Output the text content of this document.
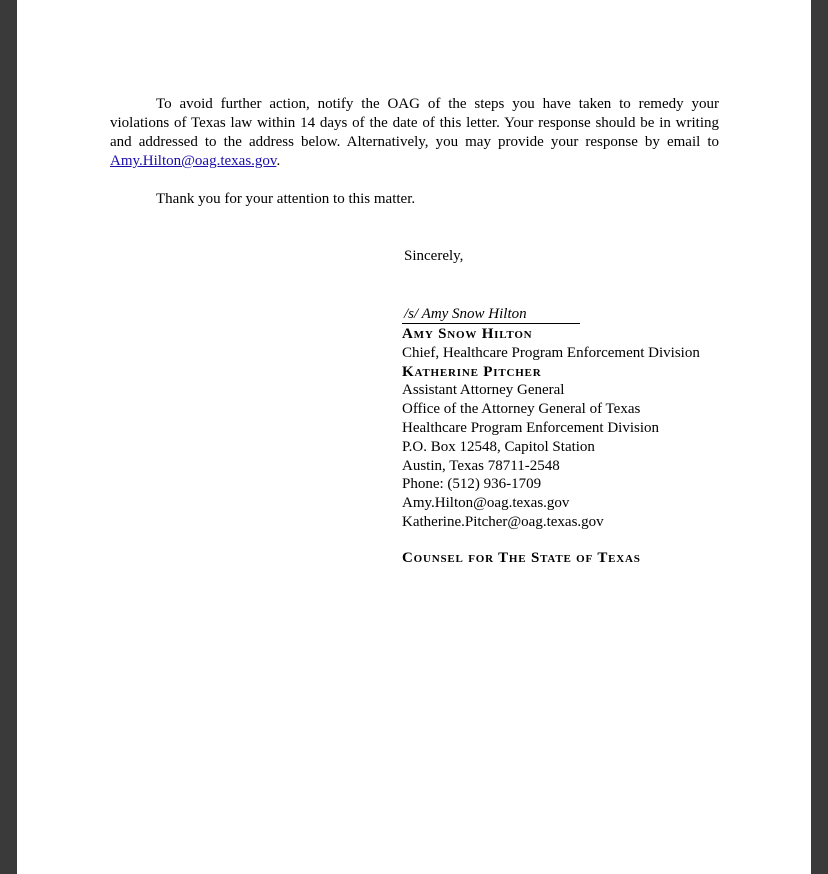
To avoid further action, notify the OAG of the steps you have taken to remedy your violations of Texas law within 14 days of the date of this letter. Your response should be in writing and addressed to the address below. Alternatively, you may provide your response by email to Amy.Hilton@oag.texas.gov.

Thank you for your attention to this matter.

Sincerely,
/s/ Amy Snow Hilton
Amy Snow Hilton
Chief, Healthcare Program Enforcement Division
Katherine Pitcher
Assistant Attorney General
Office of the Attorney General of Texas
Healthcare Program Enforcement Division
P.O. Box 12548, Capitol Station
Austin, Texas 78711-2548
Phone: (512) 936-1709
Amy.Hilton@oag.texas.gov
Katherine.Pitcher@oag.texas.gov
Counsel for The State of Texas
